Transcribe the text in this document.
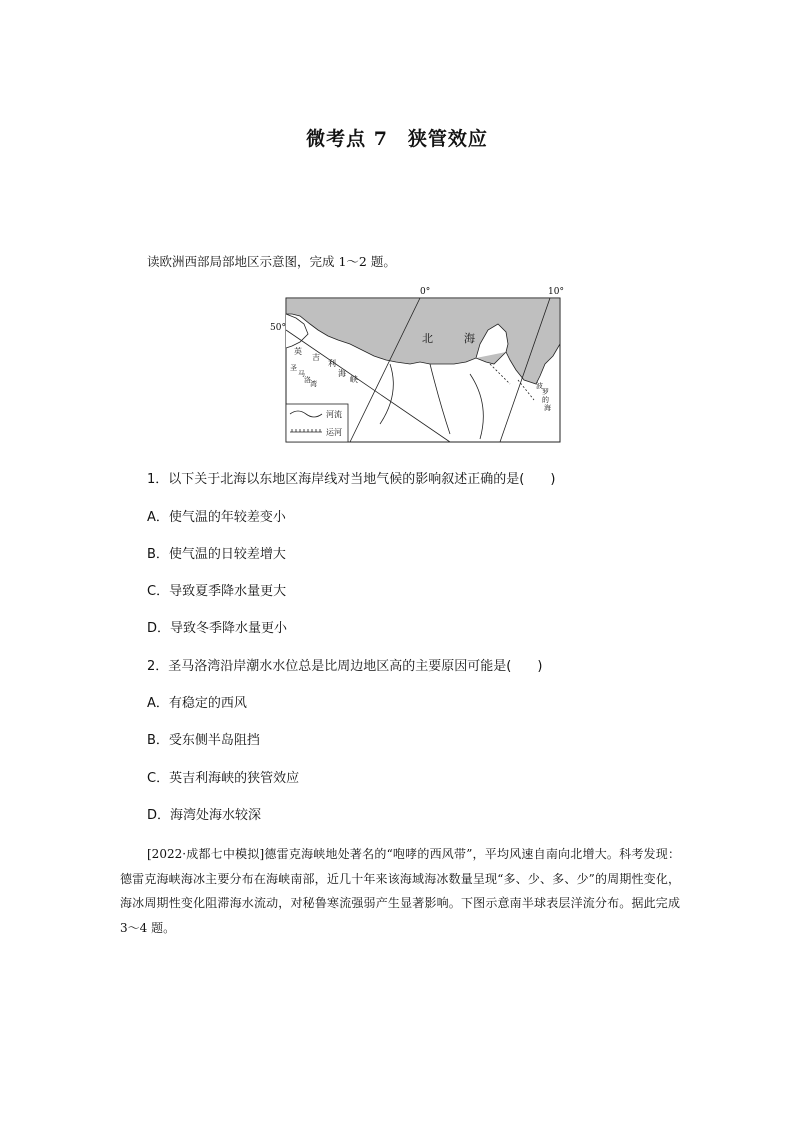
微考点 7　狭管效应
读欧洲西部局部地区示意图，完成 1～2 题。
0°	10°
50°
北	海
英
吉
利
海
峡
圣
马
洛 湾	波
罗
的
海
河流
运河
1．以下关于北海以东地区海岸线对当地气候的影响叙述正确的是(　　)
A．使气温的年较差变小
B．使气温的日较差增大
C．导致夏季降水量更大
D．导致冬季降水量更小
2．圣马洛湾沿岸潮水水位总是比周边地区高的主要原因可能是(　　)
A．有稳定的西风
B．受东侧半岛阻挡
C．英吉利海峡的狭管效应
D．海湾处海水较深
[2022·成都七中模拟]德雷克海峡地处著名的“咆哮的西风带”，平均风速自南向北增大。科考发现：德雷克海峡海冰主要分布在海峡南部，近几十年来该海域海冰数量呈现“多、少、多、少”的周期性变化，海冰周期性变化阻滞海水流动，对秘鲁寒流强弱产生显著影响。下图示意南半球表层洋流分布。据此完成 3～4 题。
